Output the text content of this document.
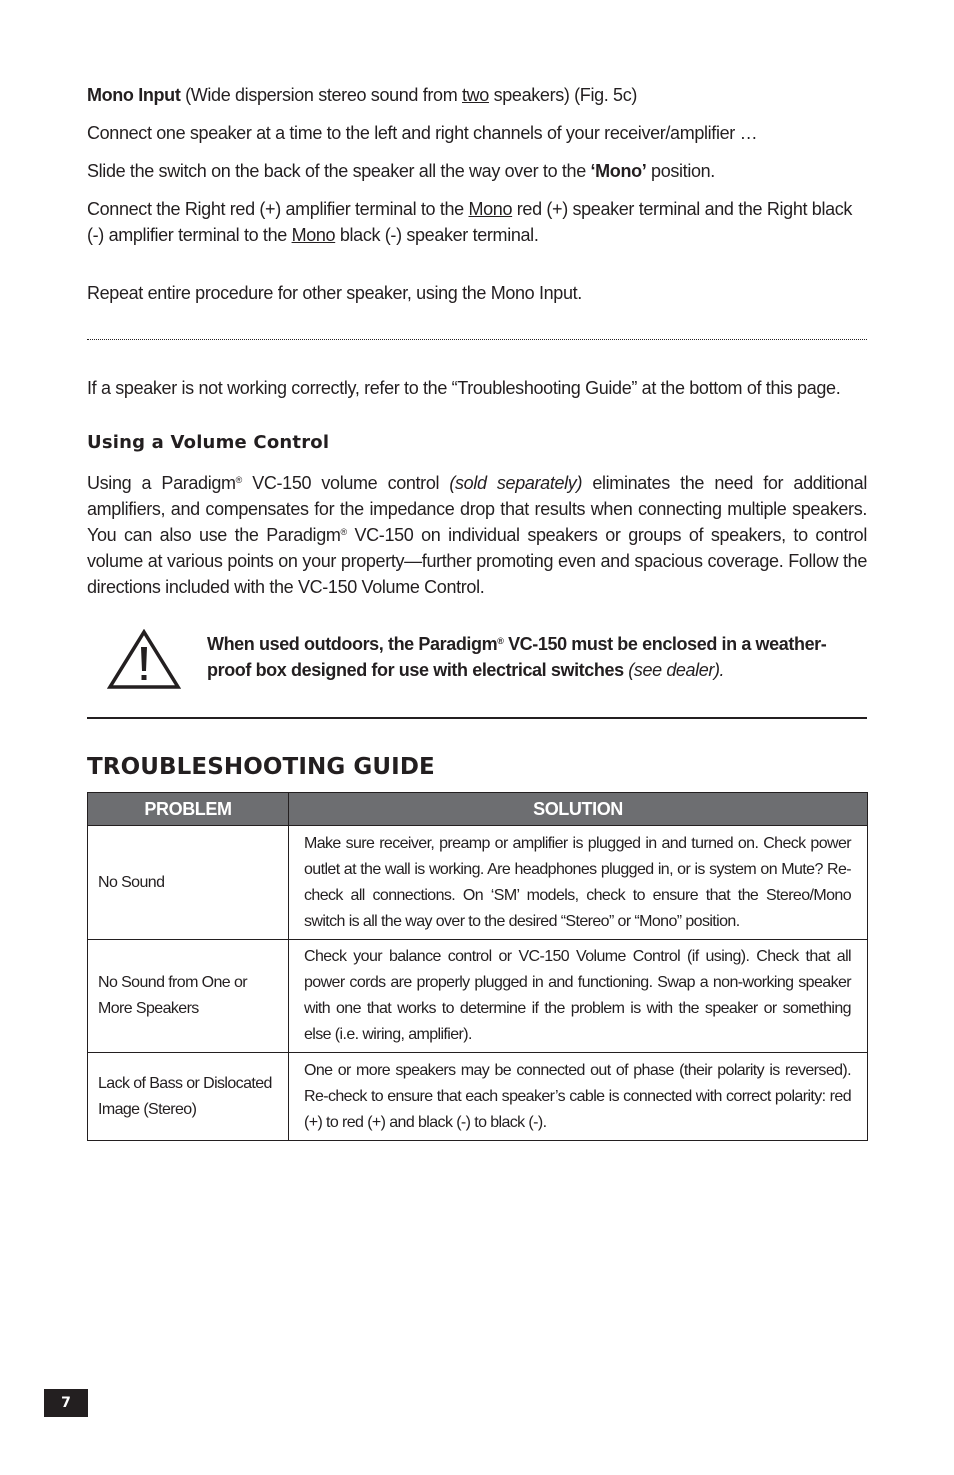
Mono Input (Wide dispersion stereo sound from two speakers) (Fig. 5c)

Connect one speaker at a time to the left and right channels of your receiver/amplifier …

Slide the switch on the back of the speaker all the way over to the ‘Mono’ position.

Connect the Right red (+) amplifier terminal to the Mono red (+) speaker terminal and the Right black (-) amplifier terminal to the Mono black (-) speaker terminal.

Repeat entire procedure for other speaker, using the Mono Input.

If a speaker is not working correctly, refer to the “Troubleshooting Guide” at the bottom of this page.

Using a Volume Control

Using a Paradigm® VC-150 volume control (sold separately) eliminates the need for additional amplifiers, and compensates for the impedance drop that results when connecting multiple speakers. You can also use the Paradigm® VC-150 on individual speakers or groups of speakers, to control volume at various points on your property—further promoting even and spacious coverage. Follow the directions included with the VC-150 Volume Control.

When used outdoors, the Paradigm® VC-150 must be enclosed in a weather-proof box designed for use with electrical switches (see dealer).

TROUBLESHOOTING GUIDE
PROBLEM	SOLUTION
No Sound	Make sure receiver, preamp or amplifier is plugged in and turned on. Check power outlet at the wall is working. Are headphones plugged in, or is system on Mute? Re-check all connections. On ‘SM’ models, check to ensure that the Stereo/Mono switch is all the way over to the desired “Stereo” or “Mono” position.
No Sound from One or More Speakers	Check your balance control or VC-150 Volume Control (if using). Check that all power cords are properly plugged in and functioning. Swap a non-working speaker with one that works to determine if the problem is with the speaker or something else (i.e. wiring, amplifier).
Lack of Bass or Dislocated Image (Stereo)	One or more speakers may be connected out of phase (their polarity is reversed). Re-check to ensure that each speaker’s cable is connected with correct polarity: red (+) to red (+) and black (-) to black (-).
7
